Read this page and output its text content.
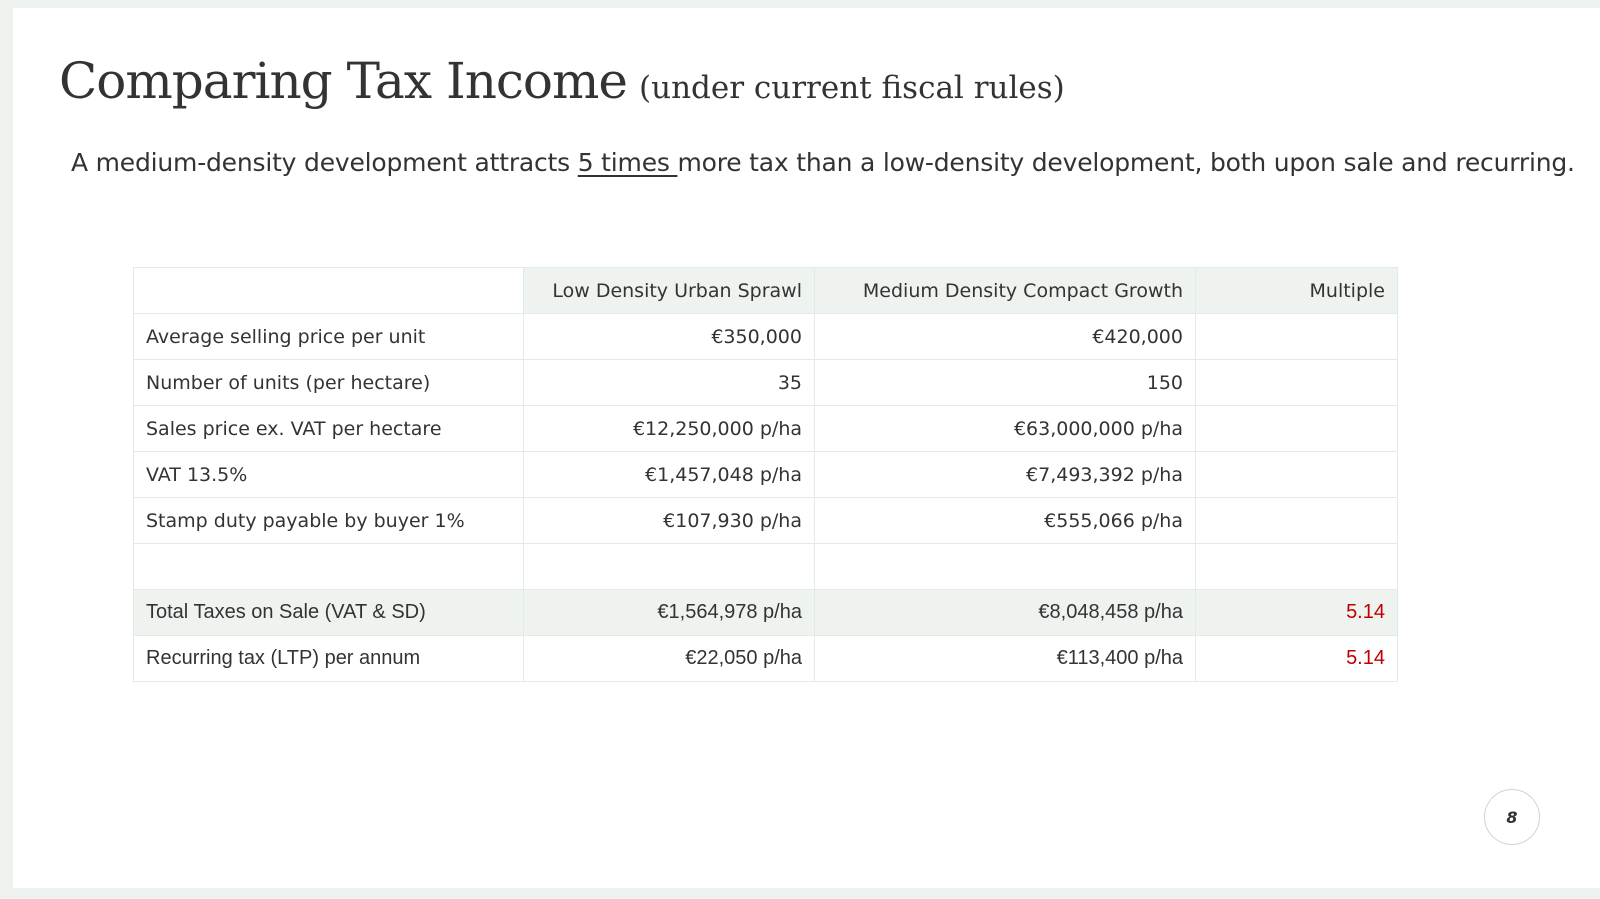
Comparing Tax Income (under current fiscal rules)
A medium-density development attracts 5 times more tax than a low-density development, both upon sale and recurring.
	Low Density Urban Sprawl	Medium Density Compact Growth	Multiple
Average selling price per unit	€350,000	€420,000	
Number of units (per hectare)	35	150	
Sales price ex. VAT per hectare	€12,250,000 p/ha	€63,000,000 p/ha	
VAT 13.5%	€1,457,048 p/ha	€7,493,392 p/ha	
Stamp duty payable by buyer 1%	€107,930 p/ha	€555,066 p/ha	

Total Taxes on Sale (VAT & SD)	€1,564,978 p/ha	€8,048,458 p/ha	5.14
Recurring tax (LTP) per annum	€22,050 p/ha	€113,400 p/ha	5.14
8
